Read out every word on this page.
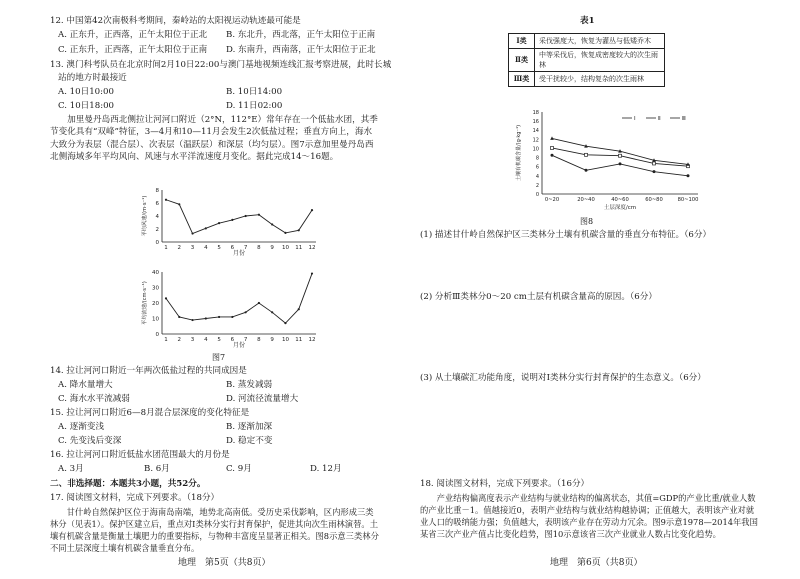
12. 中国第42次南极科考期间，秦岭站的太阳视运动轨迹最可能是
A. 正东升，正西落，正午太阳位于正北 B. 东北升，西北落，正午太阳位于正南
C. 正东升，正西落，正午太阳位于正南 D. 东南升，西南落，正午太阳位于正北
13. 澳门科考队员在北京时间2月10日22:00与澳门基地视频连线汇报考察进展，此时长城
站的地方时最接近
A. 10日10:00	B. 10日14:00
C. 10日18:00	D. 11日02:00
加里曼丹岛西北侧拉让河河口附近（2°N，112°E）常年存在一个低盐水团，其季节变化具有“双峰”特征，3—4月和10—11月会发生2次低盐过程；垂直方向上，海水大致分为表层（混合层）、次表层（温跃层）和深层（均匀层）。图7示意加里曼丹岛西北侧海域多年平均风向、风速与水平洋流速度月变化。据此完成14～16题。
8
6
4
2
0
1 2 3 4 5 6 7 8 9 10 11 12
月份
平均风速/(m·s⁻¹)
40
30
20
10
0
1 2 3 4 5 6 7 8 9 10 11 12
月份
平均流速/(cm·s⁻¹)
图7
14. 拉让河河口附近一年两次低盐过程的共同成因是
A. 降水量增大	B. 蒸发减弱
C. 海水水平流减弱	D. 河流径流量增大
15. 拉让河河口附近6—8月混合层深度的变化特征是
A. 逐渐变浅	B. 逐渐加深
C. 先变浅后变深	D. 稳定不变
16. 拉让河河口附近低盐水团范围最大的月份是
A. 3月	B. 6月	C. 9月	D. 12月
二、非选择题：本题共3小题，共52分。
17. 阅读图文材料，完成下列要求。（18分）
甘什岭自然保护区位于海南岛南端，地势北高南低。受历史采伐影响，区内形成三类林分（见表1）。保护区建立后，重点对Ⅰ类林分实行封育保护，促进其向次生雨林演替。土壤有机碳含量是衡量土壤肥力的重要指标，与物种丰富度呈显著正相关。图8示意三类林分不同土层深度土壤有机碳含量垂直分布。
地理　第5页（共8页）
表1
Ⅰ类	采伐强度大，恢复为灌丛与低矮乔木
Ⅱ类	中等采伐后，恢复成密度较大的次生雨林
Ⅲ类	受干扰较少，结构复杂的次生雨林
18
16
14
12
10
8
6
4
2
0
0~20	20~40	40~60	60~80	80~100
土层深度/cm
土壤有机碳含量/(g·kg⁻¹)
Ⅰ	Ⅱ	Ⅲ
图8
(1) 描述甘什岭自然保护区三类林分土壤有机碳含量的垂直分布特征。（6分）
(2) 分析Ⅲ类林分0～20 cm土层有机碳含量高的原因。（6分）
(3) 从土壤碳汇功能角度，说明对Ⅰ类林分实行封育保护的生态意义。（6分）
18. 阅读图文材料，完成下列要求。（16分）
产业结构偏离度表示产业结构与就业结构的偏离状态，其值=GDP的产业比重/就业人数的产业比重－1。值越接近0，表明产业结构与就业结构越协调；正值越大，表明该产业对就业人口的吸纳能力强；负值越大，表明该产业存在劳动力冗余。图9示意1978—2014年我国某省三次产业产值占比变化趋势，图10示意该省三次产业就业人数占比变化趋势。
地理　第6页（共8页）
